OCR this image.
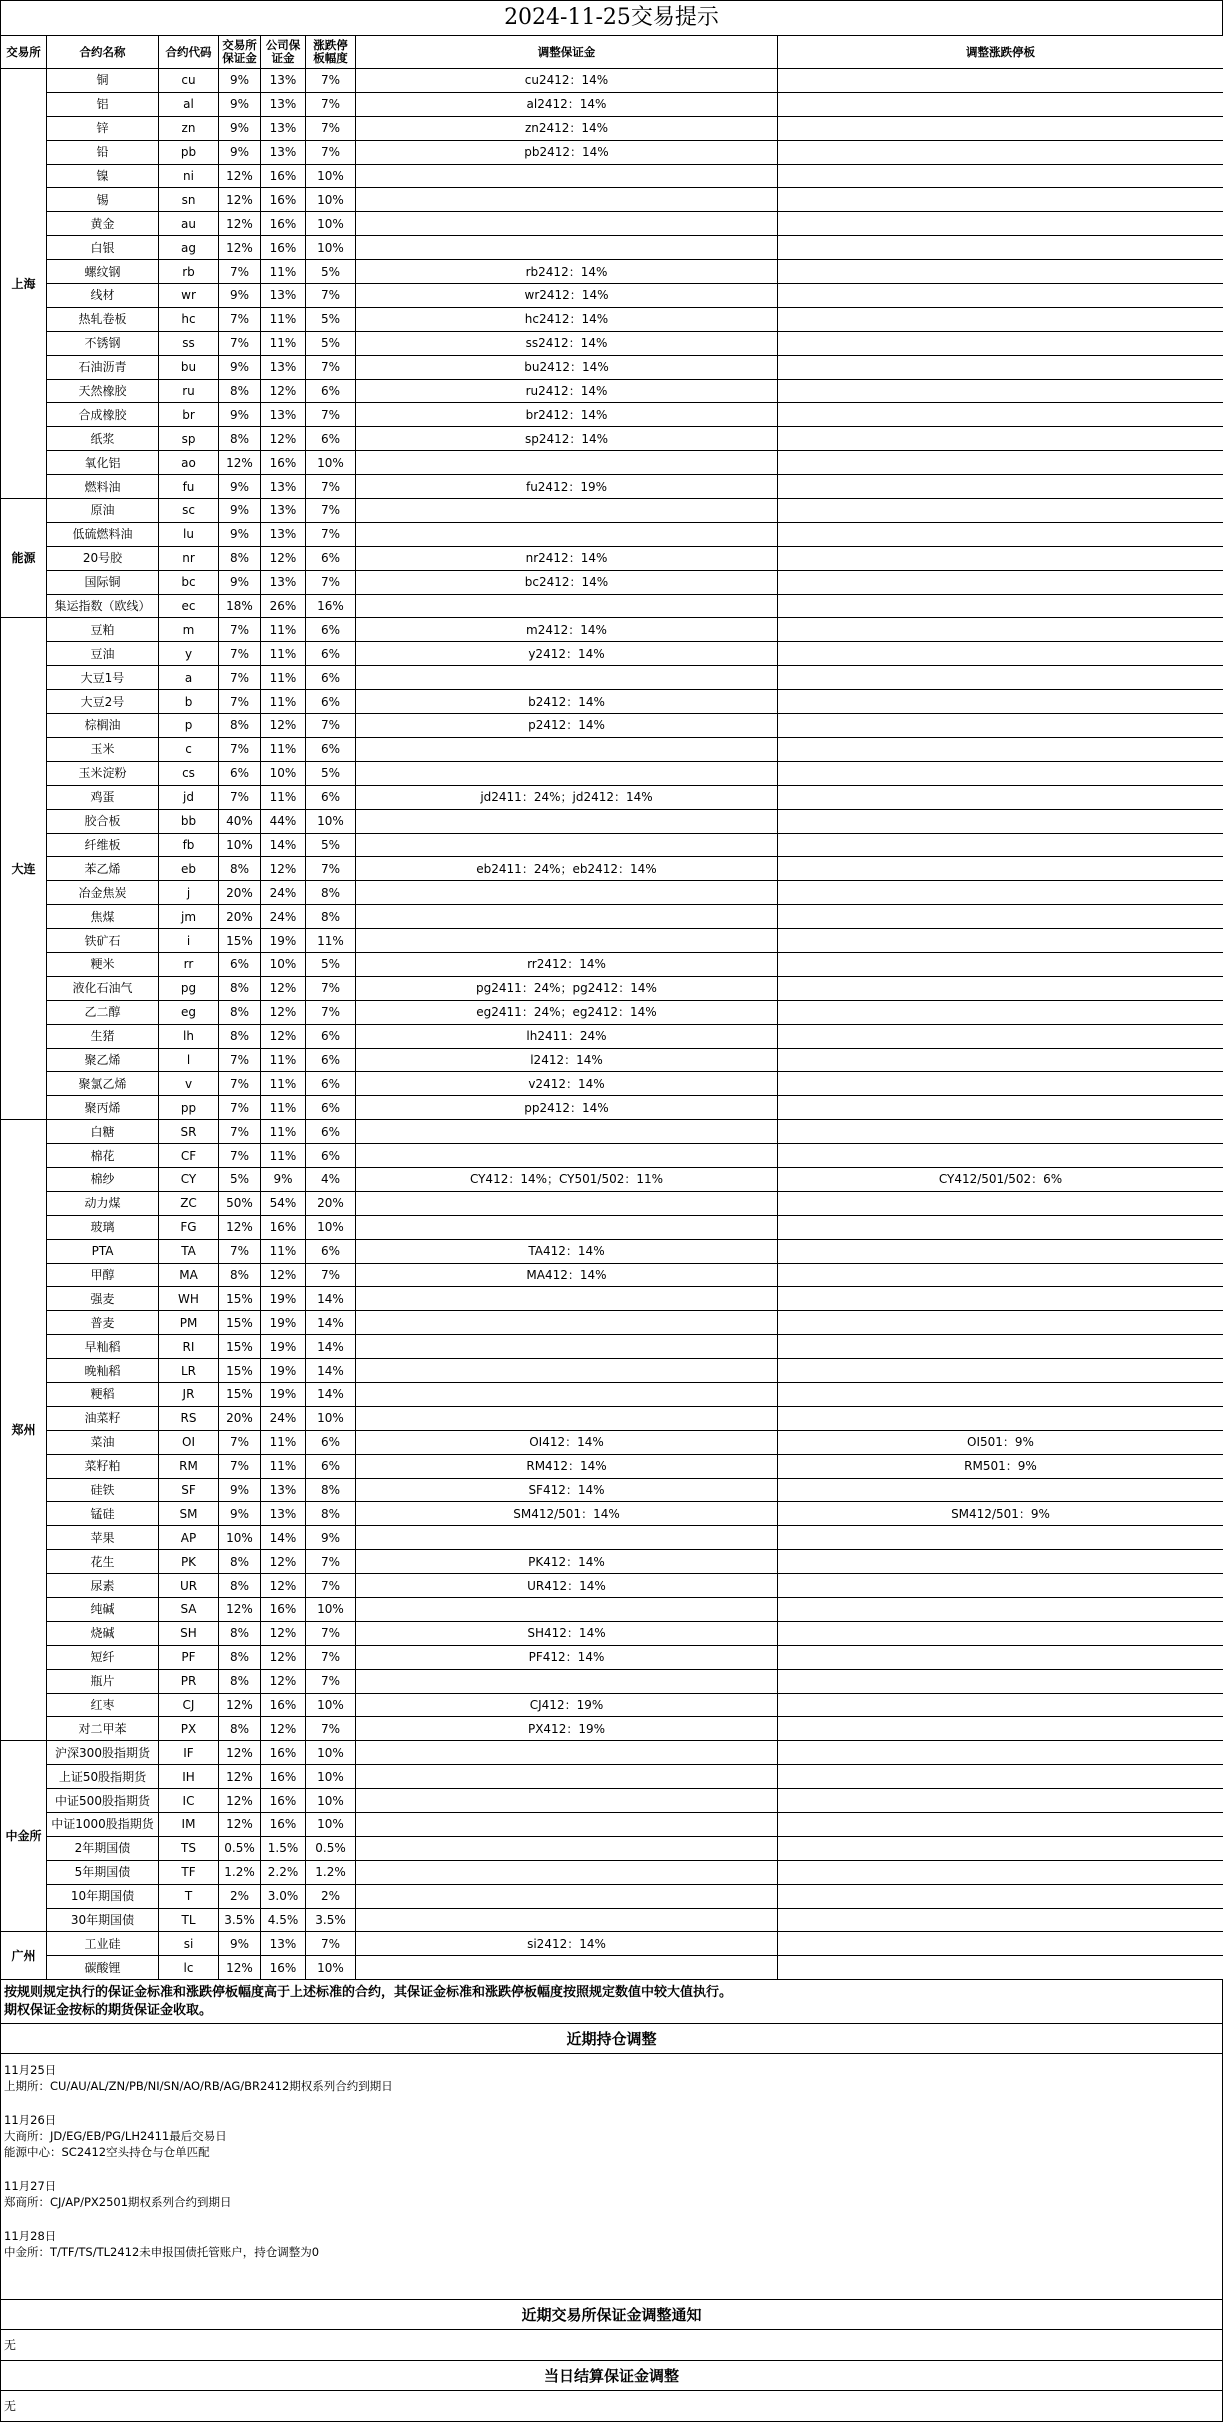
2024-11-25交易提示
交易所	合约名称	合约代码	交易所保证金	公司保证金	涨跌停板幅度	调整保证金	调整涨跌停板
上海	铜	cu	9%	13%	7%	cu2412：14%	
	铝	al	9%	13%	7%	al2412：14%	
	锌	zn	9%	13%	7%	zn2412：14%	
	铅	pb	9%	13%	7%	pb2412：14%	
	镍	ni	12%	16%	10%		
	锡	sn	12%	16%	10%		
	黄金	au	12%	16%	10%		
	白银	ag	12%	16%	10%		
	螺纹钢	rb	7%	11%	5%	rb2412：14%	
	线材	wr	9%	13%	7%	wr2412：14%	
	热轧卷板	hc	7%	11%	5%	hc2412：14%	
	不锈钢	ss	7%	11%	5%	ss2412：14%	
	石油沥青	bu	9%	13%	7%	bu2412：14%	
	天然橡胶	ru	8%	12%	6%	ru2412：14%	
	合成橡胶	br	9%	13%	7%	br2412：14%	
	纸浆	sp	8%	12%	6%	sp2412：14%	
	氧化铝	ao	12%	16%	10%		
	燃料油	fu	9%	13%	7%	fu2412：19%	
能源	原油	sc	9%	13%	7%		
	低硫燃料油	lu	9%	13%	7%		
	20号胶	nr	8%	12%	6%	nr2412：14%	
	国际铜	bc	9%	13%	7%	bc2412：14%	
	集运指数（欧线）	ec	18%	26%	16%		
大连	豆粕	m	7%	11%	6%	m2412：14%	
	豆油	y	7%	11%	6%	y2412：14%	
	大豆1号	a	7%	11%	6%		
	大豆2号	b	7%	11%	6%	b2412：14%	
	棕榈油	p	8%	12%	7%	p2412：14%	
	玉米	c	7%	11%	6%		
	玉米淀粉	cs	6%	10%	5%		
	鸡蛋	jd	7%	11%	6%	jd2411：24%；jd2412：14%	
	胶合板	bb	40%	44%	10%		
	纤维板	fb	10%	14%	5%		
	苯乙烯	eb	8%	12%	7%	eb2411：24%；eb2412：14%	
	冶金焦炭	j	20%	24%	8%		
	焦煤	jm	20%	24%	8%		
	铁矿石	i	15%	19%	11%		
	粳米	rr	6%	10%	5%	rr2412：14%	
	液化石油气	pg	8%	12%	7%	pg2411：24%；pg2412：14%	
	乙二醇	eg	8%	12%	7%	eg2411：24%；eg2412：14%	
	生猪	lh	8%	12%	6%	lh2411：24%	
	聚乙烯	l	7%	11%	6%	l2412：14%	
	聚氯乙烯	v	7%	11%	6%	v2412：14%	
	聚丙烯	pp	7%	11%	6%	pp2412：14%	
郑州	白糖	SR	7%	11%	6%		
	棉花	CF	7%	11%	6%		
	棉纱	CY	5%	9%	4%	CY412：14%；CY501/502：11%	CY412/501/502：6%
	动力煤	ZC	50%	54%	20%		
	玻璃	FG	12%	16%	10%		
	PTA	TA	7%	11%	6%	TA412：14%	
	甲醇	MA	8%	12%	7%	MA412：14%	
	强麦	WH	15%	19%	14%		
	普麦	PM	15%	19%	14%		
	早籼稻	RI	15%	19%	14%		
	晚籼稻	LR	15%	19%	14%		
	粳稻	JR	15%	19%	14%		
	油菜籽	RS	20%	24%	10%		
	菜油	OI	7%	11%	6%	OI412：14%	OI501：9%
	菜籽粕	RM	7%	11%	6%	RM412：14%	RM501：9%
	硅铁	SF	9%	13%	8%	SF412：14%	
	锰硅	SM	9%	13%	8%	SM412/501：14%	SM412/501：9%
	苹果	AP	10%	14%	9%		
	花生	PK	8%	12%	7%	PK412：14%	
	尿素	UR	8%	12%	7%	UR412：14%	
	纯碱	SA	12%	16%	10%		
	烧碱	SH	8%	12%	7%	SH412：14%	
	短纤	PF	8%	12%	7%	PF412：14%	
	瓶片	PR	8%	12%	7%		
	红枣	CJ	12%	16%	10%	CJ412：19%	
	对二甲苯	PX	8%	12%	7%	PX412：19%	
中金所	沪深300股指期货	IF	12%	16%	10%		
	上证50股指期货	IH	12%	16%	10%		
	中证500股指期货	IC	12%	16%	10%		
	中证1000股指期货	IM	12%	16%	10%		
	2年期国债	TS	0.5%	1.5%	0.5%		
	5年期国债	TF	1.2%	2.2%	1.2%		
	10年期国债	T	2%	3.0%	2%		
	30年期国债	TL	3.5%	4.5%	3.5%		
广州	工业硅	si	9%	13%	7%	si2412：14%	
	碳酸锂	lc	12%	16%	10%		
按规则规定执行的保证金标准和涨跌停板幅度高于上述标准的合约，其保证金标准和涨跌停板幅度按照规定数值中较大值执行。
期权保证金按标的期货保证金收取。
近期持仓调整
11月25日
上期所：CU/AU/AL/ZN/PB/NI/SN/AO/RB/AG/BR2412期权系列合约到期日
11月26日
大商所：JD/EG/EB/PG/LH2411最后交易日
能源中心：SC2412空头持仓与仓单匹配
11月27日
郑商所：CJ/AP/PX2501期权系列合约到期日
11月28日
中金所：T/TF/TS/TL2412未申报国债托管账户，持仓调整为0
近期交易所保证金调整通知
无
当日结算保证金调整
无
